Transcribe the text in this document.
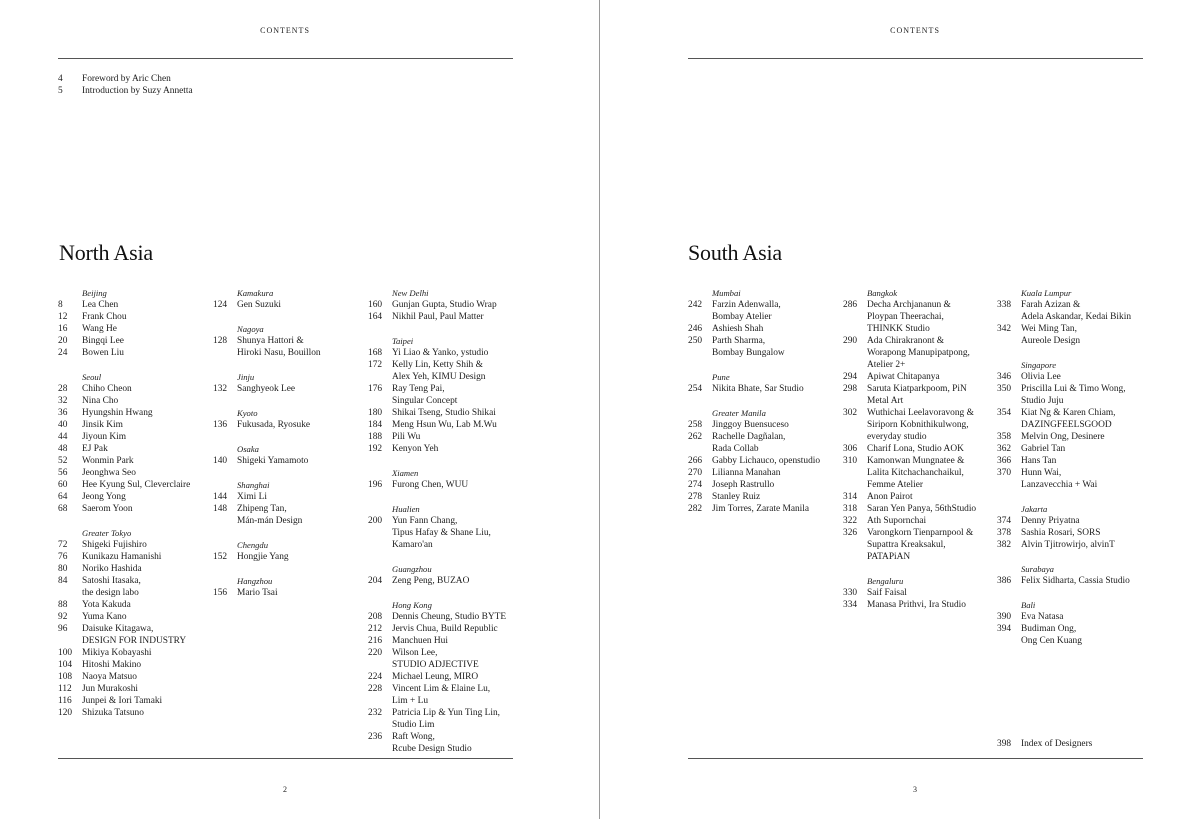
CONTENTS
4	Foreword by Aric Chen
5	Introduction by Suzy Annetta
North Asia
Beijing
8	Lea Chen
12	Frank Chou
16	Wang He
20	Bingqi Lee
24	Bowen Liu
Seoul
28	Chiho Cheon
32	Nina Cho
36	Hyungshin Hwang
40	Jinsik Kim
44	Jiyoun Kim
48	EJ Pak
52	Wonmin Park
56	Jeonghwa Seo
60	Hee Kyung Sul, Cleverclaire
64	Jeong Yong
68	Saerom Yoon
Greater Tokyo
72	Shigeki Fujishiro
76	Kunikazu Hamanishi
80	Noriko Hashida
84	Satoshi Itasaka,
the design labo
88	Yota Kakuda
92	Yuma Kano
96	Daisuke Kitagawa,
DESIGN FOR INDUSTRY
100	Mikiya Kobayashi
104	Hitoshi Makino
108	Naoya Matsuo
112	Jun Murakoshi
116	Junpei & Iori Tamaki
120	Shizuka Tatsuno
Kamakura
124	Gen Suzuki
Nagoya
128	Shunya Hattori &
Hiroki Nasu, Bouillon
Jinju
132	Sanghyeok Lee
Kyoto
136	Fukusada, Ryosuke
Osaka
140	Shigeki Yamamoto
Shanghai
144	Ximi Li
148	Zhipeng Tan,
Mán-mán Design
Chengdu
152	Hongjie Yang
Hangzhou
156	Mario Tsai
New Delhi
160	Gunjan Gupta, Studio Wrap
164	Nikhil Paul, Paul Matter
Taipei
168	Yi Liao & Yanko, ystudio
172	Kelly Lin, Ketty Shih &
Alex Yeh, KIMU Design
176	Ray Teng Pai,
Singular Concept
180	Shikai Tseng, Studio Shikai
184	Meng Hsun Wu, Lab M.Wu
188	Pili Wu
192	Kenyon Yeh
Xiamen
196	Furong Chen, WUU
Hualien
200	Yun Fann Chang,
Tipus Hafay & Shane Liu,
Kamaro'an
Guangzhou
204	Zeng Peng, BUZAO
Hong Kong
208	Dennis Cheung, Studio BYTE
212	Jervis Chua, Build Republic
216	Manchuen Hui
220	Wilson Lee,
STUDIO ADJECTIVE
224	Michael Leung, MIRO
228	Vincent Lim & Elaine Lu,
Lim + Lu
232	Patricia Lip & Yun Ting Lin,
Studio Lim
236	Raft Wong,
Rcube Design Studio
2
CONTENTS
South Asia
Mumbai
242	Farzin Adenwalla,
Bombay Atelier
246	Ashiesh Shah
250	Parth Sharma,
Bombay Bungalow
Pune
254	Nikita Bhate, Sar Studio
Greater Manila
258	Jinggoy Buensuceso
262	Rachelle Dagñalan,
Rada Collab
266	Gabby Lichauco, openstudio
270	Lilianna Manahan
274	Joseph Rastrullo
278	Stanley Ruiz
282	Jim Torres, Zarate Manila
Bangkok
286	Decha Archjananun &
Ploypan Theerachai,
THINKK Studio
290	Ada Chirakranont &
Worapong Manupipatpong,
Atelier 2+
294	Apiwat Chitapanya
298	Saruta Kiatparkpoom, PiN
Metal Art
302	Wuthichai Leelavoravong &
Siriporn Kobnithikulwong,
everyday studio
306	Charif Lona, Studio AOK
310	Kamonwan Mungnatee &
Lalita Kitchachanchaikul,
Femme Atelier
314	Anon Pairot
318	Saran Yen Panya, 56thStudio
322	Ath Supornchai
326	Varongkorn Tienparnpool &
Supattra Kreaksakul,
PATAPiAN
Bengaluru
330	Saif Faisal
334	Manasa Prithvi, Ira Studio
Kuala Lumpur
338	Farah Azizan &
Adela Askandar, Kedai Bikin
342	Wei Ming Tan,
Aureole Design
Singapore
346	Olivia Lee
350	Priscilla Lui & Timo Wong,
Studio Juju
354	Kiat Ng & Karen Chiam,
DAZINGFEELSGOOD
358	Melvin Ong, Desinere
362	Gabriel Tan
366	Hans Tan
370	Hunn Wai,
Lanzavecchia + Wai
Jakarta
374	Denny Priyatna
378	Sashia Rosari, SORS
382	Alvin Tjitrowirjo, alvinT
Surabaya
386	Felix Sidharta, Cassia Studio
Bali
390	Eva Natasa
394	Budiman Ong,
Ong Cen Kuang
398	Index of Designers
3
